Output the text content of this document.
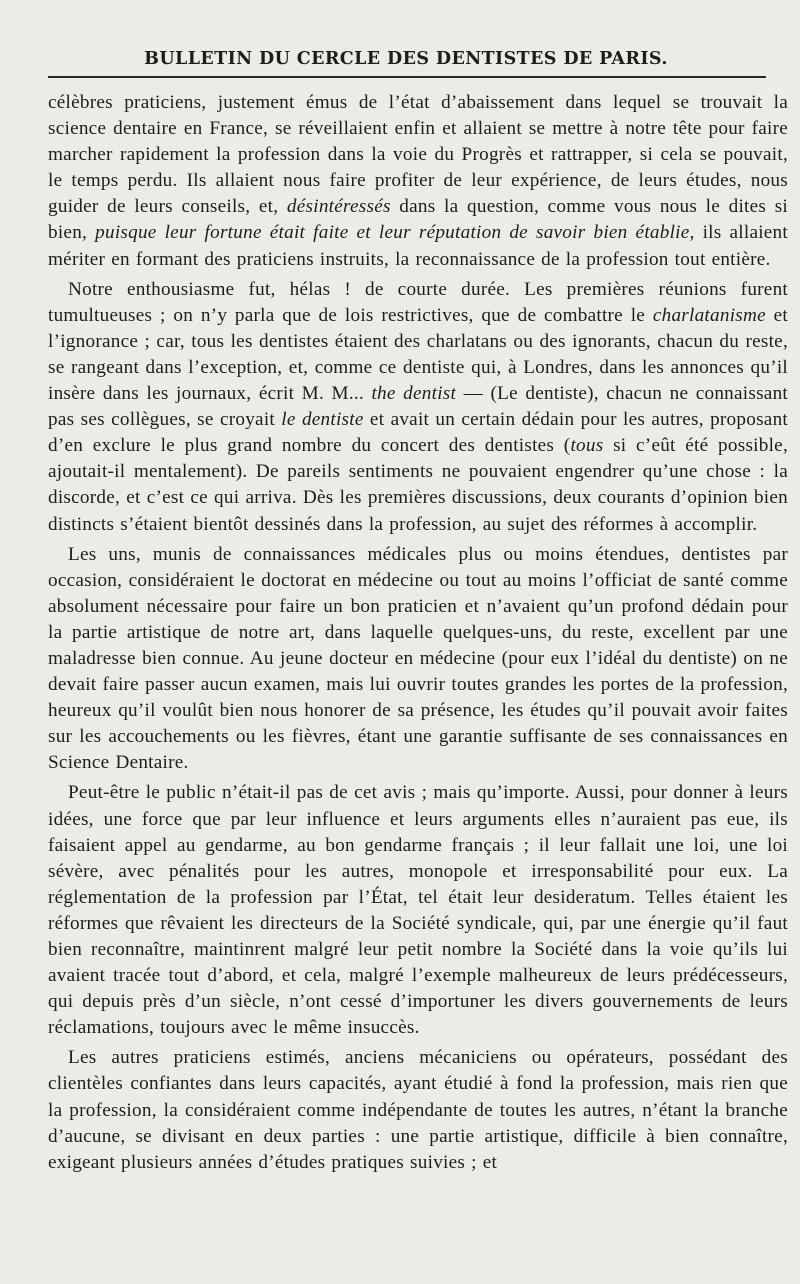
BULLETIN DU CERCLE DES DENTISTES DE PARIS.

célèbres praticiens, justement émus de l’état d’abaissement dans lequel se trouvait la science dentaire en France, se réveillaient enfin et allaient se mettre à notre tête pour faire marcher rapidement la profession dans la voie du Progrès et rattrapper, si cela se pouvait, le temps perdu. Ils allaient nous faire profiter de leur expérience, de leurs études, nous guider de leurs conseils, et, désintéressés dans la question, comme vous nous le dites si bien, puisque leur fortune était faite et leur réputation de savoir bien établie, ils allaient mériter en formant des praticiens instruits, la reconnaissance de la profession tout entière.

Notre enthousiasme fut, hélas ! de courte durée. Les premières réunions furent tumultueuses ; on n’y parla que de lois restrictives, que de combattre le charlatanisme et l’ignorance ; car, tous les dentistes étaient des charlatans ou des ignorants, chacun du reste, se rangeant dans l’exception, et, comme ce dentiste qui, à Londres, dans les annonces qu’il insère dans les journaux, écrit M. M... the dentist — (Le dentiste), chacun ne connaissant pas ses collègues, se croyait le dentiste et avait un certain dédain pour les autres, proposant d’en exclure le plus grand nombre du concert des dentistes (tous si c’eût été possible, ajoutait-il mentalement). De pareils sentiments ne pouvaient engendrer qu’une chose : la discorde, et c’est ce qui arriva. Dès les premières discussions, deux courants d’opinion bien distincts s’étaient bientôt dessinés dans la profession, au sujet des réformes à accomplir.

Les uns, munis de connaissances médicales plus ou moins étendues, dentistes par occasion, considéraient le doctorat en médecine ou tout au moins l’officiat de santé comme absolument nécessaire pour faire un bon praticien et n’avaient qu’un profond dédain pour la partie artistique de notre art, dans laquelle quelques-uns, du reste, excellent par une maladresse bien connue. Au jeune docteur en médecine (pour eux l’idéal du dentiste) on ne devait faire passer aucun examen, mais lui ouvrir toutes grandes les portes de la profession, heureux qu’il voulût bien nous honorer de sa présence, les études qu’il pouvait avoir faites sur les accouchements ou les fièvres, étant une garantie suffisante de ses connaissances en Science Dentaire.

Peut-être le public n’était-il pas de cet avis ; mais qu’importe. Aussi, pour donner à leurs idées, une force que par leur influence et leurs arguments elles n’auraient pas eue, ils faisaient appel au gendarme, au bon gendarme français ; il leur fallait une loi, une loi sévère, avec pénalités pour les autres, monopole et irresponsabilité pour eux. La réglementation de la profession par l’État, tel était leur desideratum. Telles étaient les réformes que rêvaient les directeurs de la Société syndicale, qui, par une énergie qu’il faut bien reconnaître, maintinrent malgré leur petit nombre la Société dans la voie qu’ils lui avaient tracée tout d’abord, et cela, malgré l’exemple malheureux de leurs prédécesseurs, qui depuis près d’un siècle, n’ont cessé d’importuner les divers gouvernements de leurs réclamations, toujours avec le même insuccès.

Les autres praticiens estimés, anciens mécaniciens ou opérateurs, possédant des clientèles confiantes dans leurs capacités, ayant étudié à fond la profession, mais rien que la profession, la considéraient comme indépendante de toutes les autres, n’étant la branche d’aucune, se divisant en deux parties : une partie artistique, difficile à bien connaître, exigeant plusieurs années d’études pratiques suivies ; et
